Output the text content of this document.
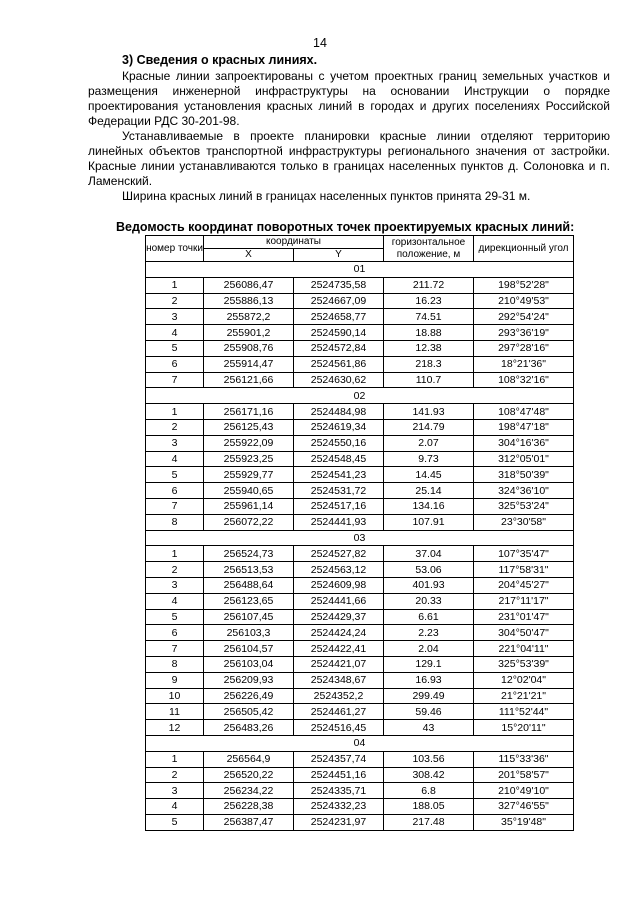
14
3) Сведения о красных линиях.

Красные линии запроектированы с учетом проектных границ земельных участков и размещения инженерной инфраструктуры на основании Инструкции о порядке проектирования установления красных линий в городах и других поселениях Российской Федерации РДС 30-201-98.

Устанавливаемые в проекте планировки красные линии отделяют территорию линейных объектов транспортной инфраструктуры регионального значения от застройки. Красные линии устанавливаются только в границах населенных пунктов д. Солоновка и п. Ламенский.

Ширина красных линий в границах населенных пунктов принята 29-31 м.

Ведомость координат поворотных точек проектируемых красных линий:
номер точки	координаты		горизонтальное положение, м	дирекционный угол
	X	Y		
01				
1	256086,47	2524735,58	211.72	198°52'28"
2	255886,13	2524667,09	16.23	210°49'53"
3	255872,2	2524658,77	74.51	292°54'24"
4	255901,2	2524590,14	18.88	293°36'19"
5	255908,76	2524572,84	12.38	297°28'16"
6	255914,47	2524561,86	218.3	18°21'36"
7	256121,66	2524630,62	110.7	108°32'16"
02				
1	256171,16	2524484,98	141.93	108°47'48"
2	256125,43	2524619,34	214.79	198°47'18"
3	255922,09	2524550,16	2.07	304°16'36"
4	255923,25	2524548,45	9.73	312°05'01"
5	255929,77	2524541,23	14.45	318°50'39"
6	255940,65	2524531,72	25.14	324°36'10"
7	255961,14	2524517,16	134.16	325°53'24"
8	256072,22	2524441,93	107.91	23°30'58"
03				
1	256524,73	2524527,82	37.04	107°35'47"
2	256513,53	2524563,12	53.06	117°58'31"
3	256488,64	2524609,98	401.93	204°45'27"
4	256123,65	2524441,66	20.33	217°11'17"
5	256107,45	2524429,37	6.61	231°01'47"
6	256103,3	2524424,24	2.23	304°50'47"
7	256104,57	2524422,41	2.04	221°04'11"
8	256103,04	2524421,07	129.1	325°53'39"
9	256209,93	2524348,67	16.93	12°02'04"
10	256226,49	2524352,2	299.49	21°21'21"
11	256505,42	2524461,27	59.46	111°52'44"
12	256483,26	2524516,45	43	15°20'11"
04				
1	256564,9	2524357,74	103.56	115°33'36"
2	256520,22	2524451,16	308.42	201°58'57"
3	256234,22	2524335,71	6.8	210°49'10"
4	256228,38	2524332,23	188.05	327°46'55"
5	256387,47	2524231,97	217.48	35°19'48"
